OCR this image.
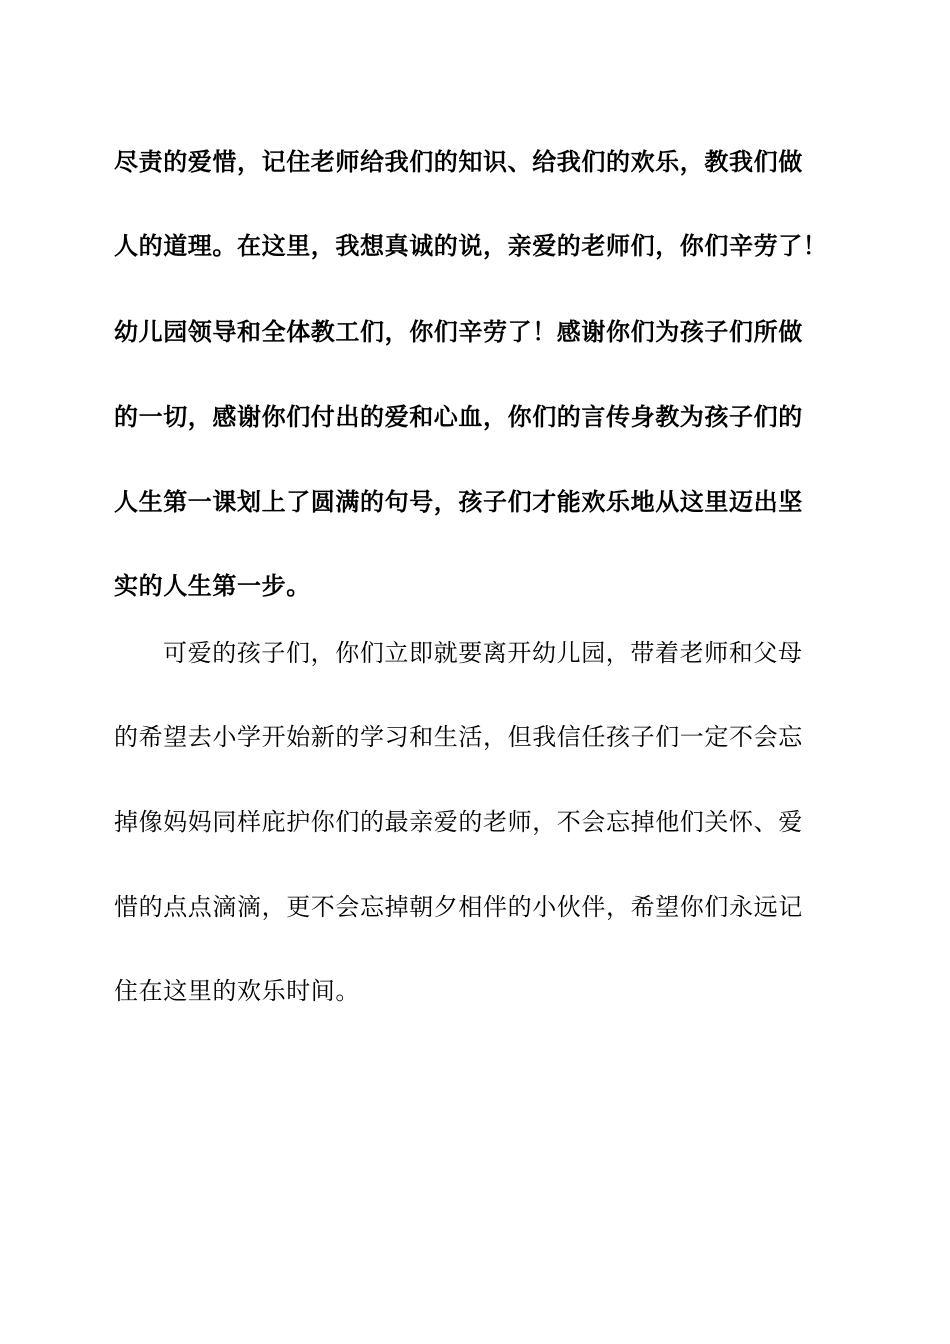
尽责的爱惜，记住老师给我们的知识、给我们的欢乐，教我们做
人的道理。在这里，我想真诚的说，亲爱的老师们，你们辛劳了！
幼儿园领导和全体教工们，你们辛劳了！感谢你们为孩子们所做
的一切，感谢你们付出的爱和心血，你们的言传身教为孩子们的
人生第一课划上了圆满的句号，孩子们才能欢乐地从这里迈出坚
实的人生第一步。
可爱的孩子们，你们立即就要离开幼儿园，带着老师和父母
的希望去小学开始新的学习和生活，但我信任孩子们一定不会忘
掉像妈妈同样庇护你们的最亲爱的老师，不会忘掉他们关怀、爱
惜的点点滴滴，更不会忘掉朝夕相伴的小伙伴，希望你们永远记
住在这里的欢乐时间。
